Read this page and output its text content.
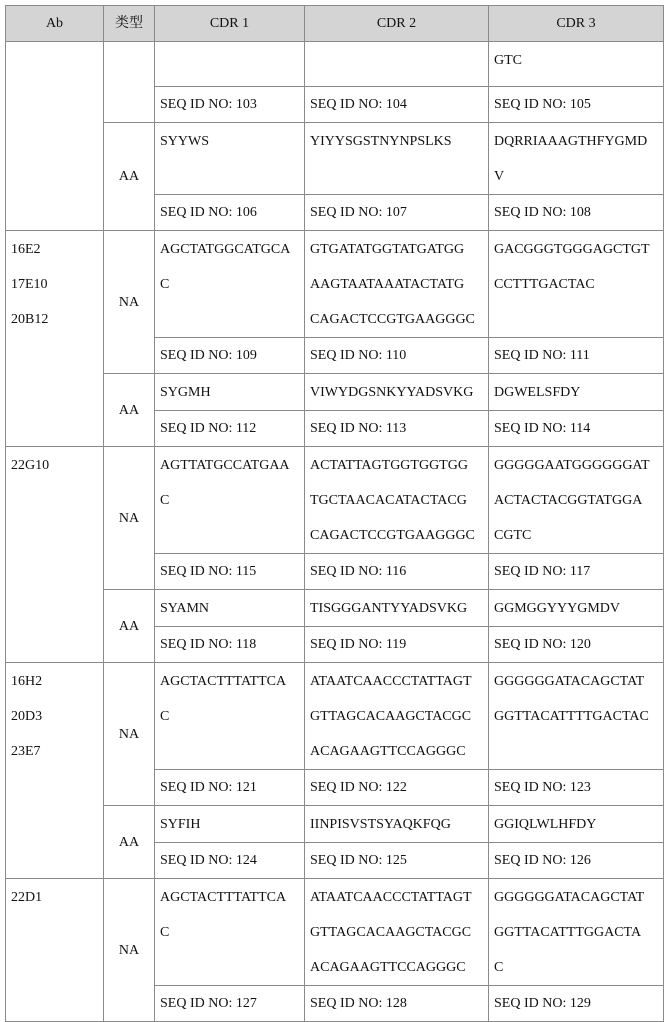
Ab	类型	CDR 1	CDR 2	CDR 3
				GTC
SEQ ID NO: 103	SEQ ID NO: 104	SEQ ID NO: 105
AA	SYYWS	YIYYSGSTNYNPSLKS	DQRRIAAAGTHFYGMD
V
SEQ ID NO: 106	SEQ ID NO: 107	SEQ ID NO: 108
16E2
17E10
20B12	NA	AGCTATGGCATGCA
C	GTGATATGGTATGATGG
AAGTAATAAATACTATG
CAGACTCCGTGAAGGGC	GACGGGTGGGAGCTGT
CCTTTGACTAC
SEQ ID NO: 109	SEQ ID NO: 110	SEQ ID NO: 111
AA	SYGMH	VIWYDGSNKYYADSVKG	DGWELSFDY
SEQ ID NO: 112	SEQ ID NO: 113	SEQ ID NO: 114
22G10	NA	AGTTATGCCATGAA
C	ACTATTAGTGGTGGTGG
TGCTAACACATACTACG
CAGACTCCGTGAAGGGC	GGGGGAATGGGGGGAT
ACTACTACGGTATGGA
CGTC
SEQ ID NO: 115	SEQ ID NO: 116	SEQ ID NO: 117
AA	SYAMN	TISGGGANTYYADSVKG	GGMGGYYYGMDV
SEQ ID NO: 118	SEQ ID NO: 119	SEQ ID NO: 120
16H2
20D3
23E7	NA	AGCTACTTTATTCA
C	ATAATCAACCCTATTAGT
GTTAGCACAAGCTACGC
ACAGAAGTTCCAGGGC	GGGGGGATACAGCTAT
GGTTACATTTTGACTAC
SEQ ID NO: 121	SEQ ID NO: 122	SEQ ID NO: 123
AA	SYFIH	IINPISVSTSYAQKFQG	GGIQLWLHFDY
SEQ ID NO: 124	SEQ ID NO: 125	SEQ ID NO: 126
22D1	NA	AGCTACTTTATTCA
C	ATAATCAACCCTATTAGT
GTTAGCACAAGCTACGC
ACAGAAGTTCCAGGGC	GGGGGGATACAGCTAT
GGTTACATTTGGACTA
C
SEQ ID NO: 127	SEQ ID NO: 128	SEQ ID NO: 129
